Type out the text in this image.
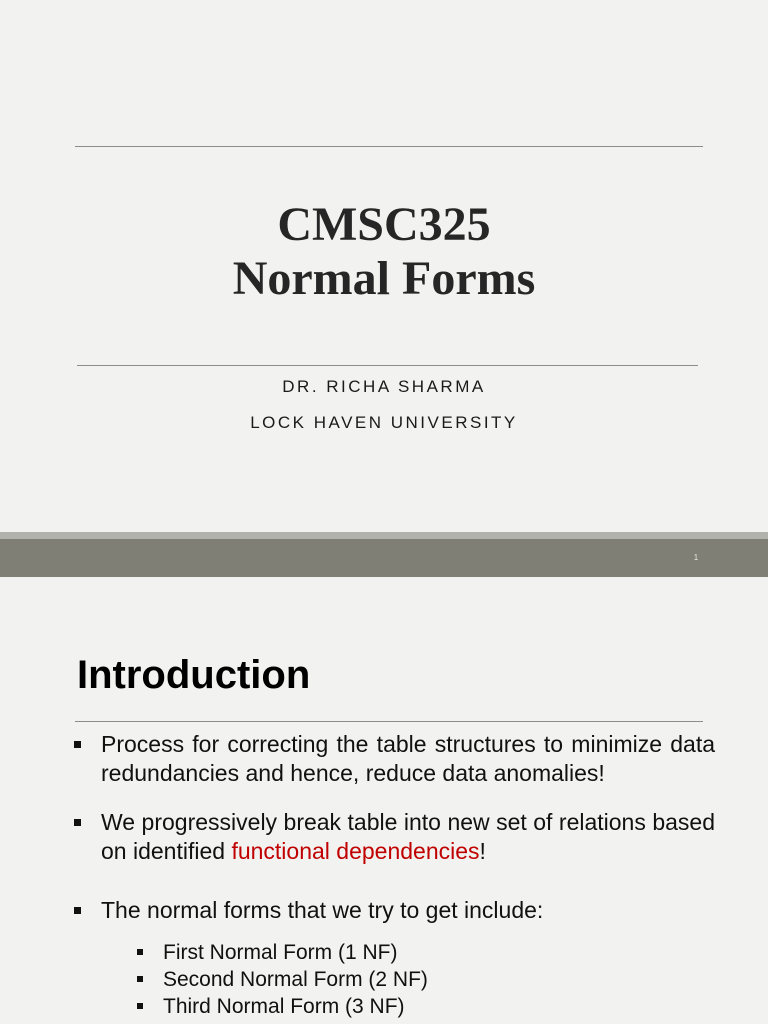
CMSC325
Normal Forms
DR. RICHA SHARMA
LOCK HAVEN UNIVERSITY
1
Introduction
Process for correcting the table structures to minimize data redundancies and hence, reduce data anomalies!
We progressively break table into new set of relations based on identified functional dependencies!
The normal forms that we try to get include:
First Normal Form (1 NF)
Second Normal Form (2 NF)
Third Normal Form (3 NF)
